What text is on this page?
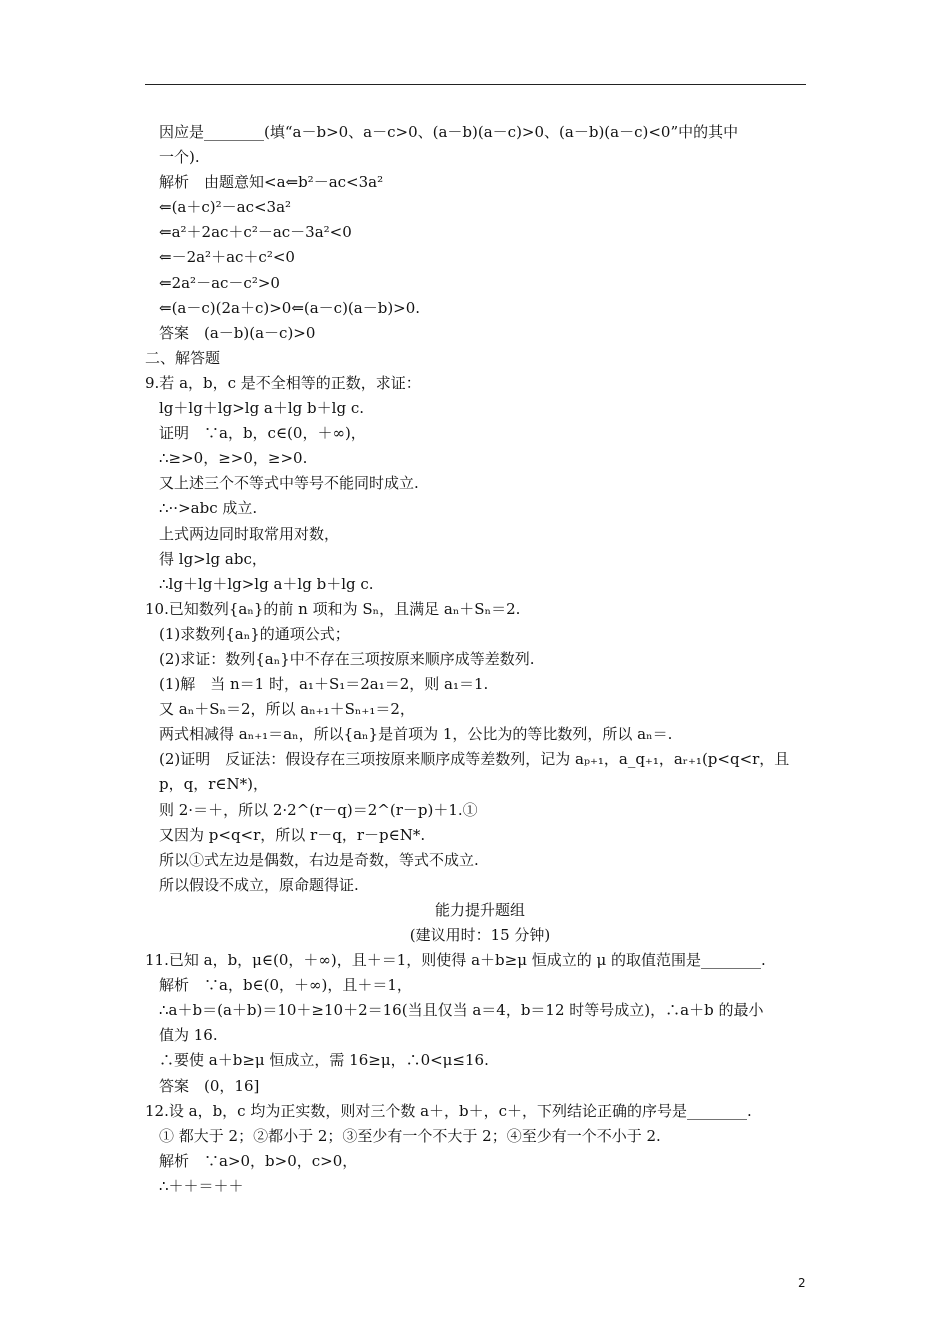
因应是________(填“a－b>0、a－c>0、(a－b)(a－c)>0、(a－b)(a－c)<0”中的其中
一个).
解析　由题意知<a⇐b²－ac<3a²
⇐(a＋c)²－ac<3a²
⇐a²＋2ac＋c²－ac－3a²<0
⇐－2a²＋ac＋c²<0
⇐2a²－ac－c²>0
⇐(a－c)(2a＋c)>0⇐(a－c)(a－b)>0.
答案　(a－b)(a－c)>0
二、解答题
9.若 a，b，c 是不全相等的正数，求证：
lg＋lg＋lg>lg a＋lg b＋lg c.
证明　∵a，b，c∈(0，＋∞)，
∴≥>0，≥>0，≥>0.
又上述三个不等式中等号不能同时成立.
∴··>abc 成立.
上式两边同时取常用对数，
得 lg>lg abc，
∴lg＋lg＋lg>lg a＋lg b＋lg c.
10.已知数列{aₙ}的前 n 项和为 Sₙ，且满足 aₙ＋Sₙ＝2.
(1)求数列{aₙ}的通项公式；
(2)求证：数列{aₙ}中不存在三项按原来顺序成等差数列.
(1)解　当 n＝1 时，a₁＋S₁＝2a₁＝2，则 a₁＝1.
又 aₙ＋Sₙ＝2，所以 aₙ₊₁＋Sₙ₊₁＝2，
两式相减得 aₙ₊₁＝aₙ，所以{aₙ}是首项为 1，公比为的等比数列，所以 aₙ＝.
(2)证明　反证法：假设存在三项按原来顺序成等差数列，记为 aₚ₊₁，a_q₊₁，aᵣ₊₁(p<q<r，且
p，q，r∈N*)，
则 2·＝＋，所以 2·2^(r－q)＝2^(r－p)＋1.①
又因为 p<q<r，所以 r－q，r－p∈N*.
所以①式左边是偶数，右边是奇数，等式不成立.
所以假设不成立，原命题得证.
能力提升题组
(建议用时：15 分钟)
11.已知 a，b，μ∈(0，＋∞)，且＋＝1，则使得 a＋b≥μ 恒成立的 μ 的取值范围是________.
解析　∵a，b∈(0，＋∞)，且＋＝1，
∴a＋b＝(a＋b)＝10＋≥10＋2＝16(当且仅当 a＝4，b＝12 时等号成立)，∴a＋b 的最小
值为 16.
∴要使 a＋b≥μ 恒成立，需 16≥μ，∴0<μ≤16.
答案　(0，16]
12.设 a，b，c 均为正实数，则对三个数 a＋，b＋，c＋，下列结论正确的序号是________.
① 都大于 2；②都小于 2；③至少有一个不大于 2；④至少有一个不小于 2.
解析　∵a>0，b>0，c>0，
∴＋＋＝＋＋
2
